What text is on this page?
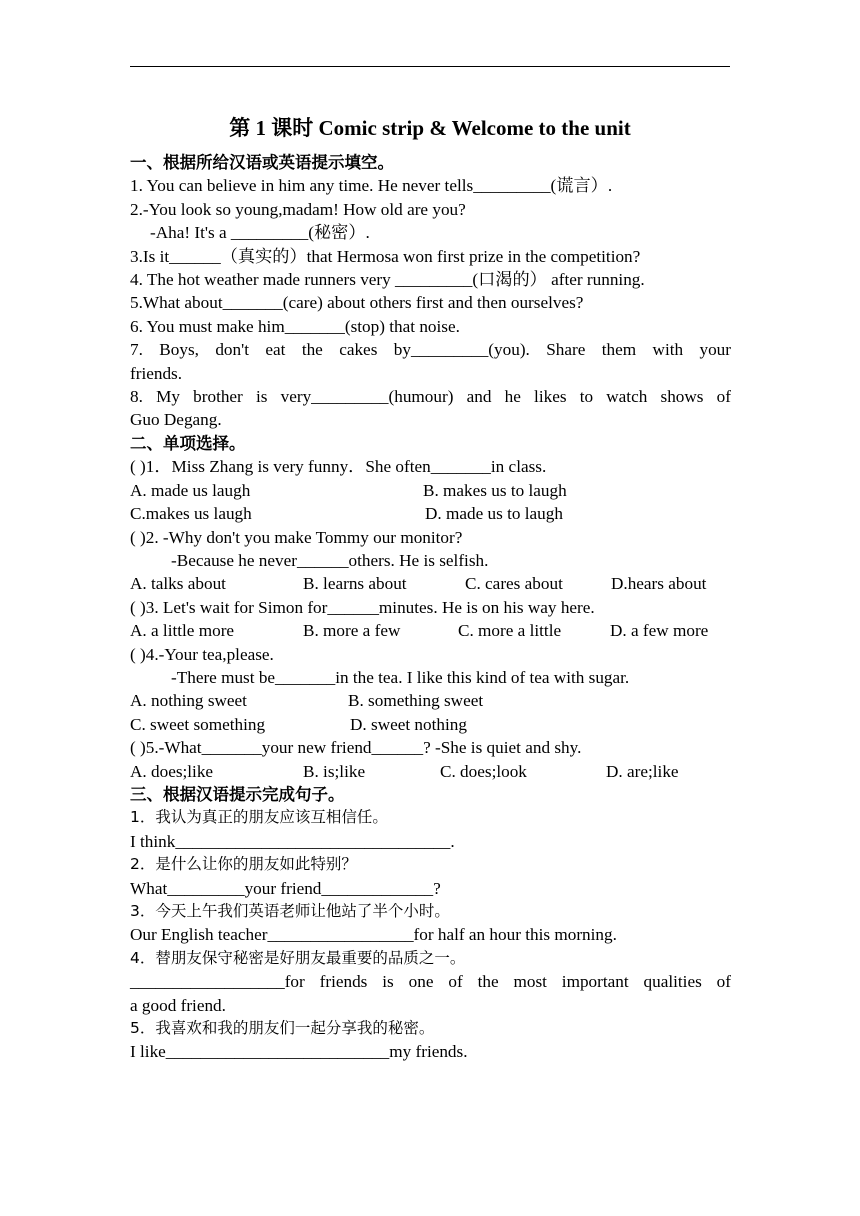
第 1 课时 Comic strip & Welcome to the unit
一、根据所给汉语或英语提示填空。
1. You can believe in him any time. He never tells_________(谎言）.
2.-You look so young,madam! How old are you?
-Aha! It's a _________(秘密）.
3.Is it______（真实的）that Hermosa won first prize in the competition?
4. The hot weather made runners very _________(口渴的） after running.
5.What about_______(care) about others first and then ourselves?
6. You must make him_______(stop) that noise.
7. Boys, don't eat the cakes by_________(you). Share them with your
friends.
8. My brother is very_________(humour) and he likes to watch shows of
Guo Degang.
二、单项选择。
( )1．Miss Zhang is very funny．She often_______in class.
A. made us laugh	B. makes us to laugh
C.makes us laugh	D. made us to laugh
( )2. -Why don't you make Tommy our monitor?
-Because he never______others. He is selfish.
A. talks about	B. learns about	C. cares about	D.hears about
( )3. Let's wait for Simon for______minutes. He is on his way here.
A. a little more	B. more a few	C. more a little	D. a few more
( )4.-Your tea,please.
-There must be_______in the tea. I like this kind of tea with sugar.
A. nothing sweet	B. something sweet
C. sweet something	D. sweet nothing
( )5.-What_______your new friend______? -She is quiet and shy.
A. does;like	B. is;like	C. does;look	D. are;like
三、根据汉语提示完成句子。
1．我认为真正的朋友应该互相信任。
I think________________________________.
2．是什么让你的朋友如此特别？
What_________your friend_____________?
3．今天上午我们英语老师让他站了半个小时。
Our English teacher_________________for half an hour this morning.
4．替朋友保守秘密是好朋友最重要的品质之一。
__________________for friends is one of the most important qualities of
a good friend.
5．我喜欢和我的朋友们一起分享我的秘密。
I like__________________________my friends.
